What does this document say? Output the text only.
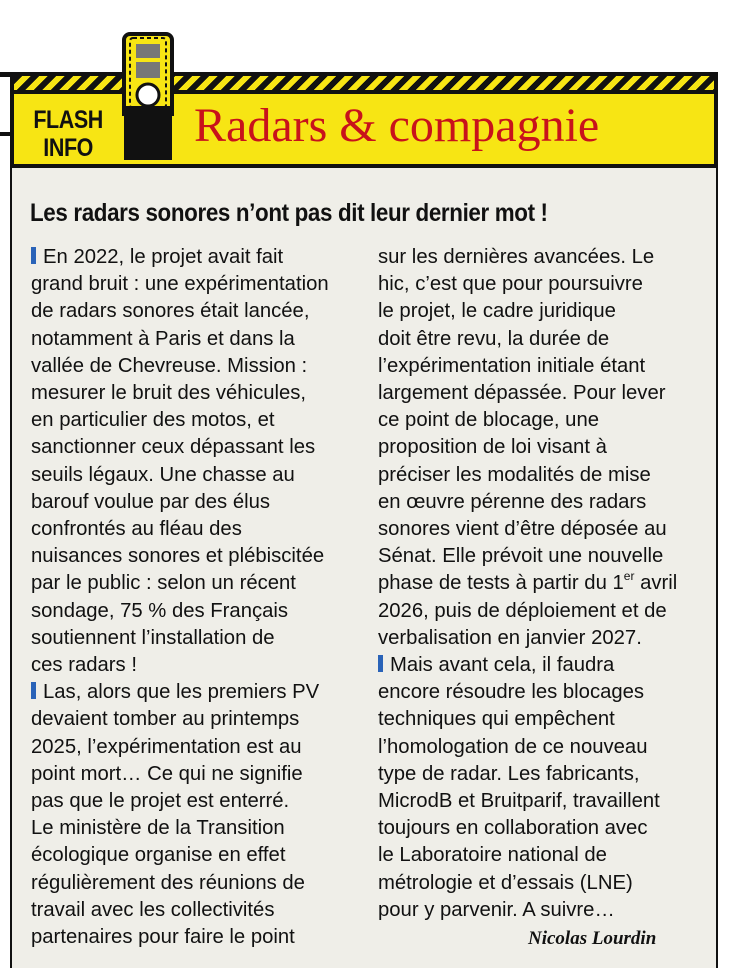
FLASH
INFO Radars & compagnie
Les radars sonores n’ont pas dit leur dernier mot !
En 2022, le projet avait fait
grand bruit : une expérimentation
de radars sonores était lancée,
notamment à Paris et dans la
vallée de Chevreuse. Mission :
mesurer le bruit des véhicules,
en particulier des motos, et
sanctionner ceux dépassant les
seuils légaux. Une chasse au
barouf voulue par des élus
confrontés au fléau des
nuisances sonores et plébiscitée
par le public : selon un récent
sondage, 75 % des Français
soutiennent l’installation de
ces radars !
Las, alors que les premiers PV
devaient tomber au printemps
2025, l’expérimentation est au
point mort… Ce qui ne signifie
pas que le projet est enterré.
Le ministère de la Transition
écologique organise en effet
régulièrement des réunions de
travail avec les collectivités
partenaires pour faire le point
sur les dernières avancées. Le
hic, c’est que pour poursuivre
le projet, le cadre juridique
doit être revu, la durée de
l’expérimentation initiale étant
largement dépassée. Pour lever
ce point de blocage, une
proposition de loi visant à
préciser les modalités de mise
en œuvre pérenne des radars
sonores vient d’être déposée au
Sénat. Elle prévoit une nouvelle
phase de tests à partir du 1er avril
2026, puis de déploiement et de
verbalisation en janvier 2027.
Mais avant cela, il faudra
encore résoudre les blocages
techniques qui empêchent
l’homologation de ce nouveau
type de radar. Les fabricants,
MicrodB et Bruitparif, travaillent
toujours en collaboration avec
le Laboratoire national de
métrologie et d’essais (LNE)
pour y parvenir. A suivre…
Nicolas Lourdin
